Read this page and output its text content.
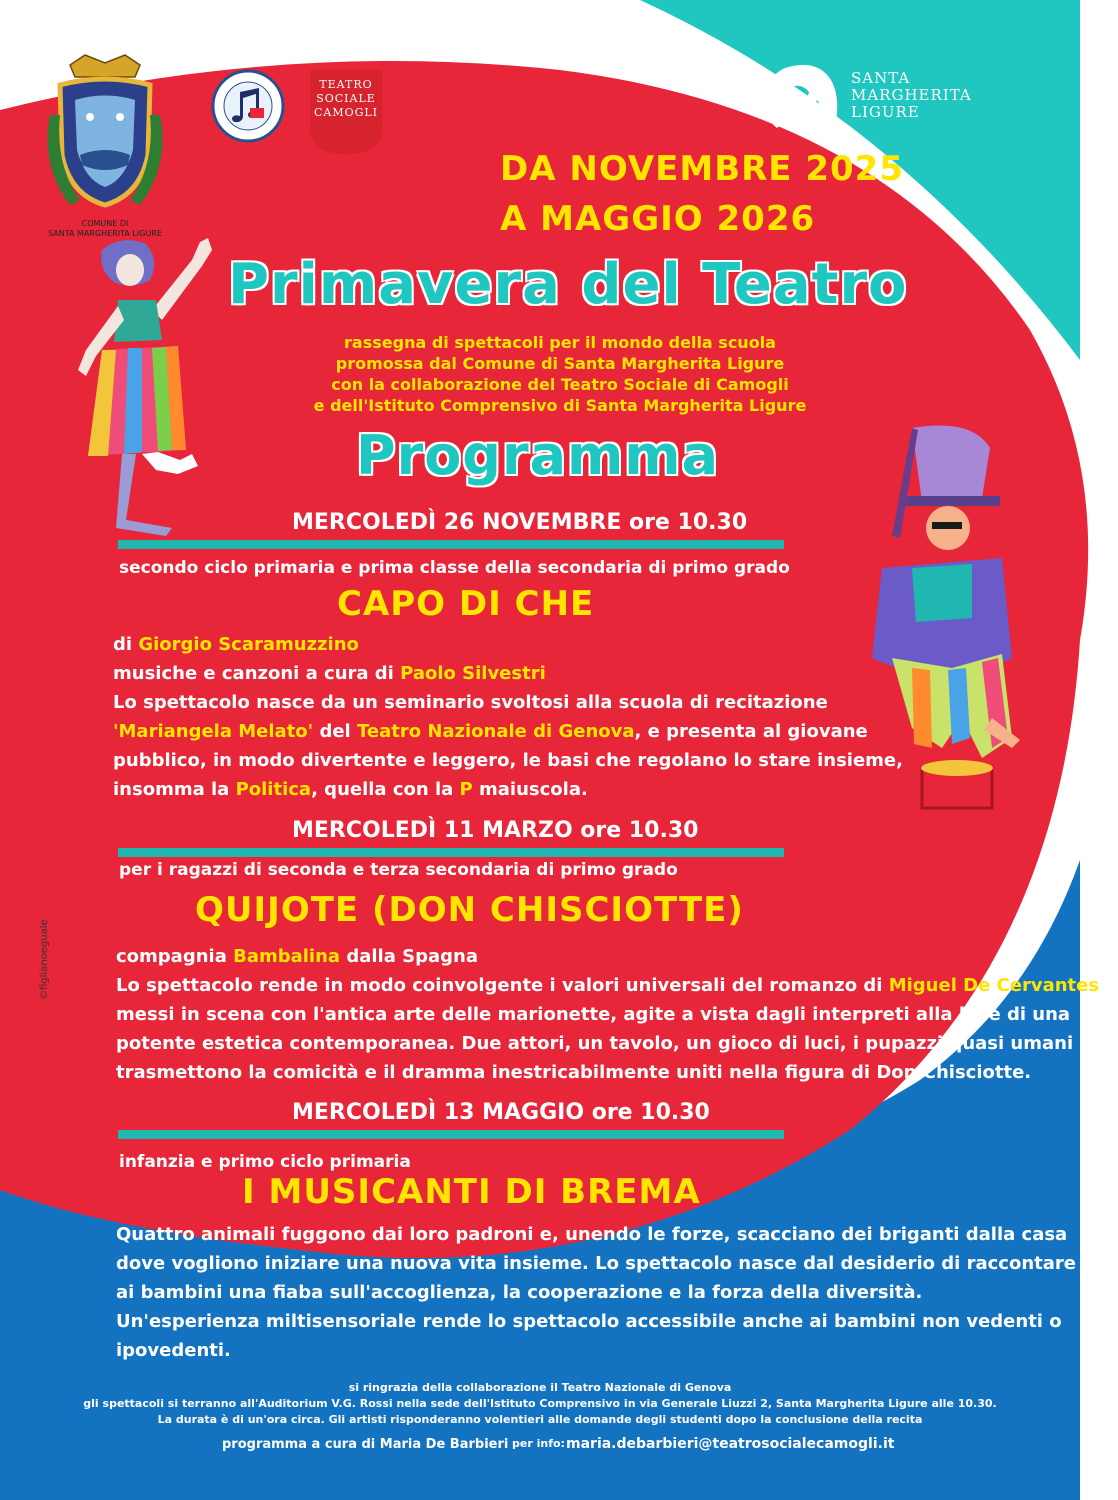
COMUNE DI
SANTA MARGHERITA LIGURE
TEATRO
SOCIALE
CAMOGLI
SANTA
MARGHERITA
LIGURE
DA NOVEMBRE 2025
A MAGGIO 2026
Primavera del Teatro
rassegna di spettacoli per il mondo della scuola
promossa dal Comune di Santa Margherita Ligure
con la collaborazione del Teatro Sociale di Camogli
e dell'Istituto Comprensivo di Santa Margherita Ligure
Programma
©figlianoeguale
MERCOLEDÌ 26 NOVEMBRE ore 10.30
secondo ciclo primaria e prima classe della secondaria di primo grado
CAPO DI CHE
di Giorgio Scaramuzzino
musiche e canzoni a cura di Paolo Silvestri
Lo spettacolo nasce da un seminario svoltosi alla scuola di recitazione
'Mariangela Melato' del Teatro Nazionale di Genova, e presenta al giovane
pubblico, in modo divertente e leggero, le basi che regolano lo stare insieme,
insomma la Politica, quella con la P maiuscola.
MERCOLEDÌ 11 MARZO ore 10.30
per i ragazzi di seconda e terza secondaria di primo grado
QUIJOTE (DON CHISCIOTTE)
compagnia Bambalina dalla Spagna
Lo spettacolo rende in modo coinvolgente i valori universali del romanzo di Miguel De Cervantes e
messi in scena con l'antica arte delle marionette, agite a vista dagli interpreti alla luce di una
potente estetica contemporanea. Due attori, un tavolo, un gioco di luci, i pupazzi quasi umani
trasmettono la comicità e il dramma inestricabilmente uniti nella figura di Don Chisciotte.
MERCOLEDÌ 13 MAGGIO ore 10.30
infanzia e primo ciclo primaria
I MUSICANTI DI BREMA
Quattro animali fuggono dai loro padroni e, unendo le forze, scacciano dei briganti dalla casa
dove vogliono iniziare una nuova vita insieme. Lo spettacolo nasce dal desiderio di raccontare
ai bambini una fiaba sull'accoglienza, la cooperazione e la forza della diversità.
Un'esperienza miltisensoriale rende lo spettacolo accessibile anche ai bambini non vedenti o
ipovedenti.
si ringrazia della collaborazione il Teatro Nazionale di Genova
gli spettacoli si terranno all'Auditorium V.G. Rossi nella sede dell'Istituto Comprensivo in via Generale Liuzzi 2, Santa Margherita Ligure alle 10.30.
La durata è di un'ora circa. Gli artisti risponderanno volentieri alle domande degli studenti dopo la conclusione della recita
programma a cura di Maria De Barbieri per info: maria.debarbieri@teatrosocialecamogli.it
